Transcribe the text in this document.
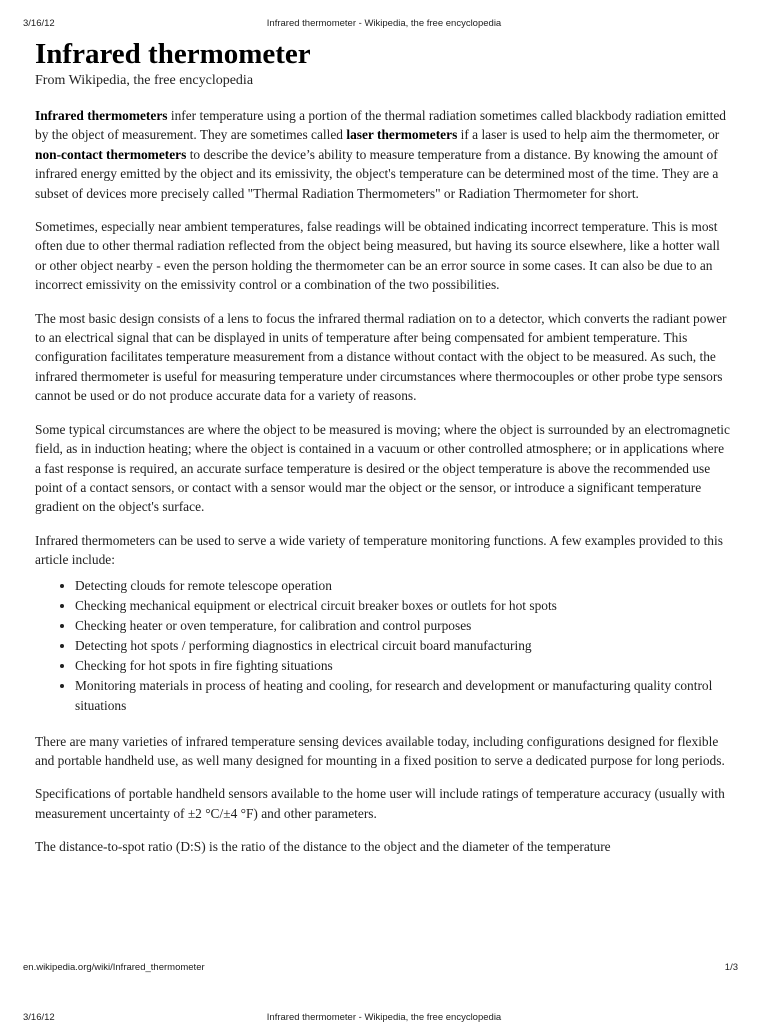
3/16/12	Infrared thermometer - Wikipedia, the free encyclopedia
Infrared thermometer
From Wikipedia, the free encyclopedia

Infrared thermometers infer temperature using a portion of the thermal radiation sometimes called blackbody radiation emitted by the object of measurement. They are sometimes called laser thermometers if a laser is used to help aim the thermometer, or non-contact thermometers to describe the device’s ability to measure temperature from a distance. By knowing the amount of infrared energy emitted by the object and its emissivity, the object's temperature can be determined most of the time. They are a subset of devices more precisely called "Thermal Radiation Thermometers" or Radiation Thermometer for short.

Sometimes, especially near ambient temperatures, false readings will be obtained indicating incorrect temperature. This is most often due to other thermal radiation reflected from the object being measured, but having its source elsewhere, like a hotter wall or other object nearby - even the person holding the thermometer can be an error source in some cases. It can also be due to an incorrect emissivity on the emissivity control or a combination of the two possibilities.

The most basic design consists of a lens to focus the infrared thermal radiation on to a detector, which converts the radiant power to an electrical signal that can be displayed in units of temperature after being compensated for ambient temperature. This configuration facilitates temperature measurement from a distance without contact with the object to be measured. As such, the infrared thermometer is useful for measuring temperature under circumstances where thermocouples or other probe type sensors cannot be used or do not produce accurate data for a variety of reasons.

Some typical circumstances are where the object to be measured is moving; where the object is surrounded by an electromagnetic field, as in induction heating; where the object is contained in a vacuum or other controlled atmosphere; or in applications where a fast response is required, an accurate surface temperature is desired or the object temperature is above the recommended use point of a contact sensors, or contact with a sensor would mar the object or the sensor, or introduce a significant temperature gradient on the object's surface.

Infrared thermometers can be used to serve a wide variety of temperature monitoring functions. A few examples provided to this article include:

• Detecting clouds for remote telescope operation
• Checking mechanical equipment or electrical circuit breaker boxes or outlets for hot spots
• Checking heater or oven temperature, for calibration and control purposes
• Detecting hot spots / performing diagnostics in electrical circuit board manufacturing
• Checking for hot spots in fire fighting situations
• Monitoring materials in process of heating and cooling, for research and development or manufacturing quality control situations

There are many varieties of infrared temperature sensing devices available today, including configurations designed for flexible and portable handheld use, as well many designed for mounting in a fixed position to serve a dedicated purpose for long periods.

Specifications of portable handheld sensors available to the home user will include ratings of temperature accuracy (usually with measurement uncertainty of ±2 °C/±4 °F) and other parameters.

The distance-to-spot ratio (D:S) is the ratio of the distance to the object and the diameter of the temperature

en.wikipedia.org/wiki/Infrared_thermometer	1/3
3/16/12	Infrared thermometer - Wikipedia, the free encyclopedia
